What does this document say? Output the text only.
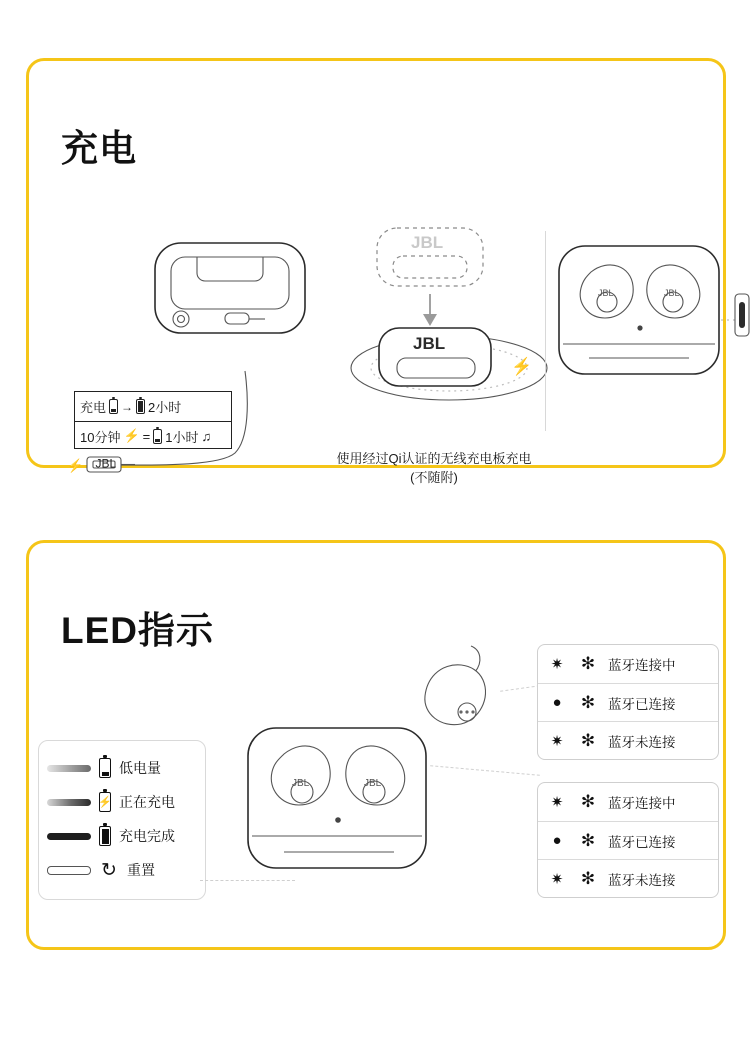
充电
JBL
⚡
充电 → 2小时
10分钟 ⚡ = 1小时 ♫
JBL
JBL
⚡
使用经过Qi认证的无线充电板充电
(不随附)
JBL	JBL
LED指示
低电量
⚡ 正在充电
充电完成
↻ 重置
JBL	JBL
✷ ✻ 蓝牙连接中
●	✻ 蓝牙已连接
✷ ✻ 蓝牙未连接
✷ ✻ 蓝牙连接中
●	✻ 蓝牙已连接
✷ ✻ 蓝牙未连接
